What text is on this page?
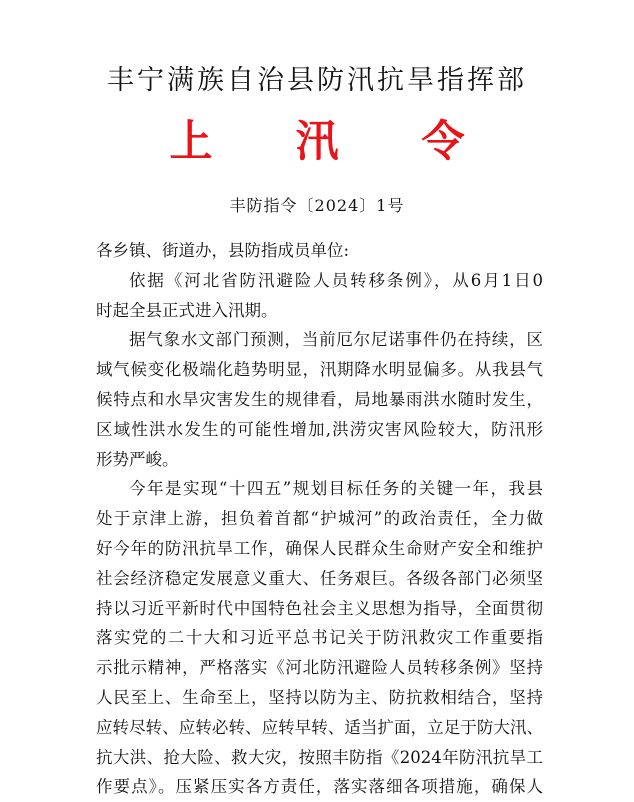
丰宁满族自治县防汛抗旱指挥部
上 汛 令
丰防指令〔2024〕1号
各乡镇、街道办，县防指成员单位:
依据《河北省防汛避险人员转移条例》，从6月1日0
时起全县正式进入汛期。
据气象水文部门预测，当前厄尔尼诺事件仍在持续，区
域气候变化极端化趋势明显，汛期降水明显偏多。从我县气
候特点和水旱灾害发生的规律看，局地暴雨洪水随时发生，
区域性洪水发生的可能性增加,洪涝灾害风险较大，防汛形
形势严峻。
今年是实现“十四五”规划目标任务的关键一年，我县
处于京津上游，担负着首都“护城河”的政治责任，全力做
好今年的防汛抗旱工作，确保人民群众生命财产安全和维护
社会经济稳定发展意义重大、任务艰巨。各级各部门必须坚
持以习近平新时代中国特色社会主义思想为指导，全面贯彻
落实党的二十大和习近平总书记关于防汛救灾工作重要指
示批示精神，严格落实《河北防汛避险人员转移条例》坚持
人民至上、生命至上，坚持以防为主、防抗救相结合，坚持
应转尽转、应转必转、应转早转、适当扩面，立足于防大汛、
抗大洪、抢大险、救大灾，按照丰防指《2024年防汛抗旱工
作要点》。压紧压实各方责任，落实落细各项措施，确保人
